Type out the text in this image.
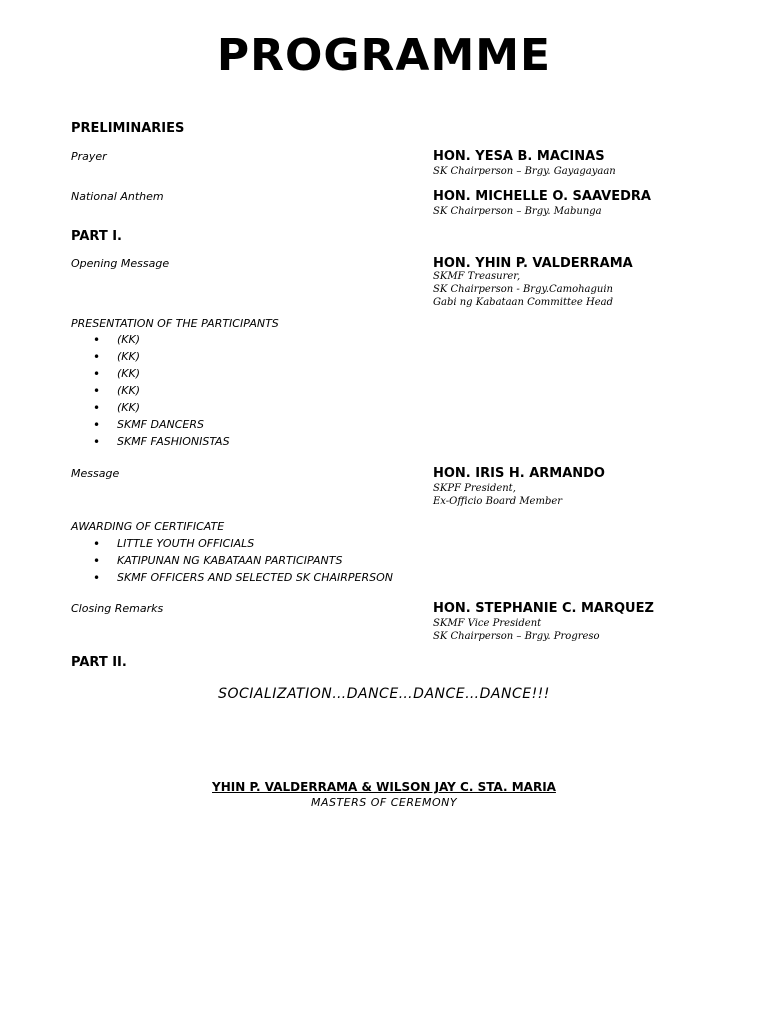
PROGRAMME
PRELIMINARIES
Prayer	HON. YESA B. MACINAS
SK Chairperson – Brgy. Gayagayaan
National Anthem	HON. MICHELLE O. SAAVEDRA
SK Chairperson – Brgy. Mabunga
PART I.
Opening Message	HON. YHIN P. VALDERRAMA
SKMF Treasurer,
SK Chairperson - Brgy.Camohaguin
Gabi ng Kabataan Committee Head
PRESENTATION OF THE PARTICIPANTS
• (KK)
• (KK)
• (KK)
• (KK)
• (KK)
• SKMF DANCERS
• SKMF FASHIONISTAS
Message	HON. IRIS H. ARMANDO
SKPF President,
Ex-Officio Board Member
AWARDING OF CERTIFICATE
• LITTLE YOUTH OFFICIALS
• KATIPUNAN NG KABATAAN PARTICIPANTS
• SKMF OFFICERS AND SELECTED SK CHAIRPERSON
Closing Remarks	HON. STEPHANIE C. MARQUEZ
SKMF Vice President
SK Chairperson – Brgy. Progreso
PART II.
SOCIALIZATION…DANCE…DANCE…DANCE!!!
YHIN P. VALDERRAMA & WILSON JAY C. STA. MARIA
MASTERS OF CEREMONY
